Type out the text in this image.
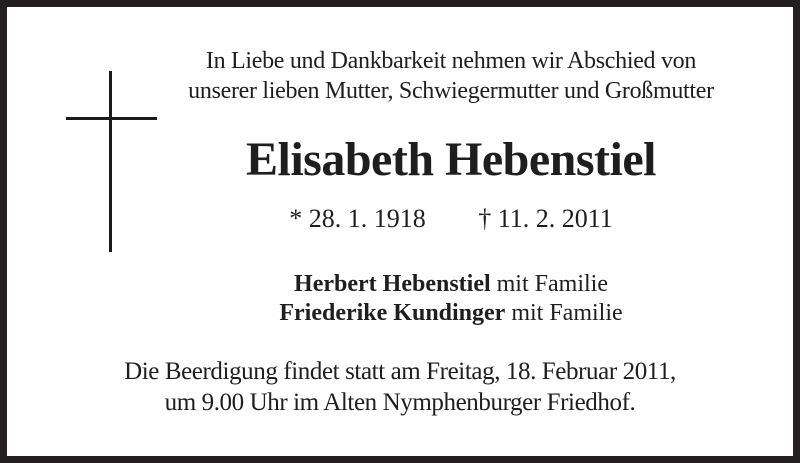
In Liebe und Dankbarkeit nehmen wir Abschied von
unserer lieben Mutter, Schwiegermutter und Großmutter
Elisabeth Hebenstiel
* 28. 1. 1918 † 11. 2. 2011
Herbert Hebenstiel mit Familie
Friederike Kundinger mit Familie
Die Beerdigung findet statt am Freitag, 18. Februar 2011,
um 9.00 Uhr im Alten Nymphenburger Friedhof.
